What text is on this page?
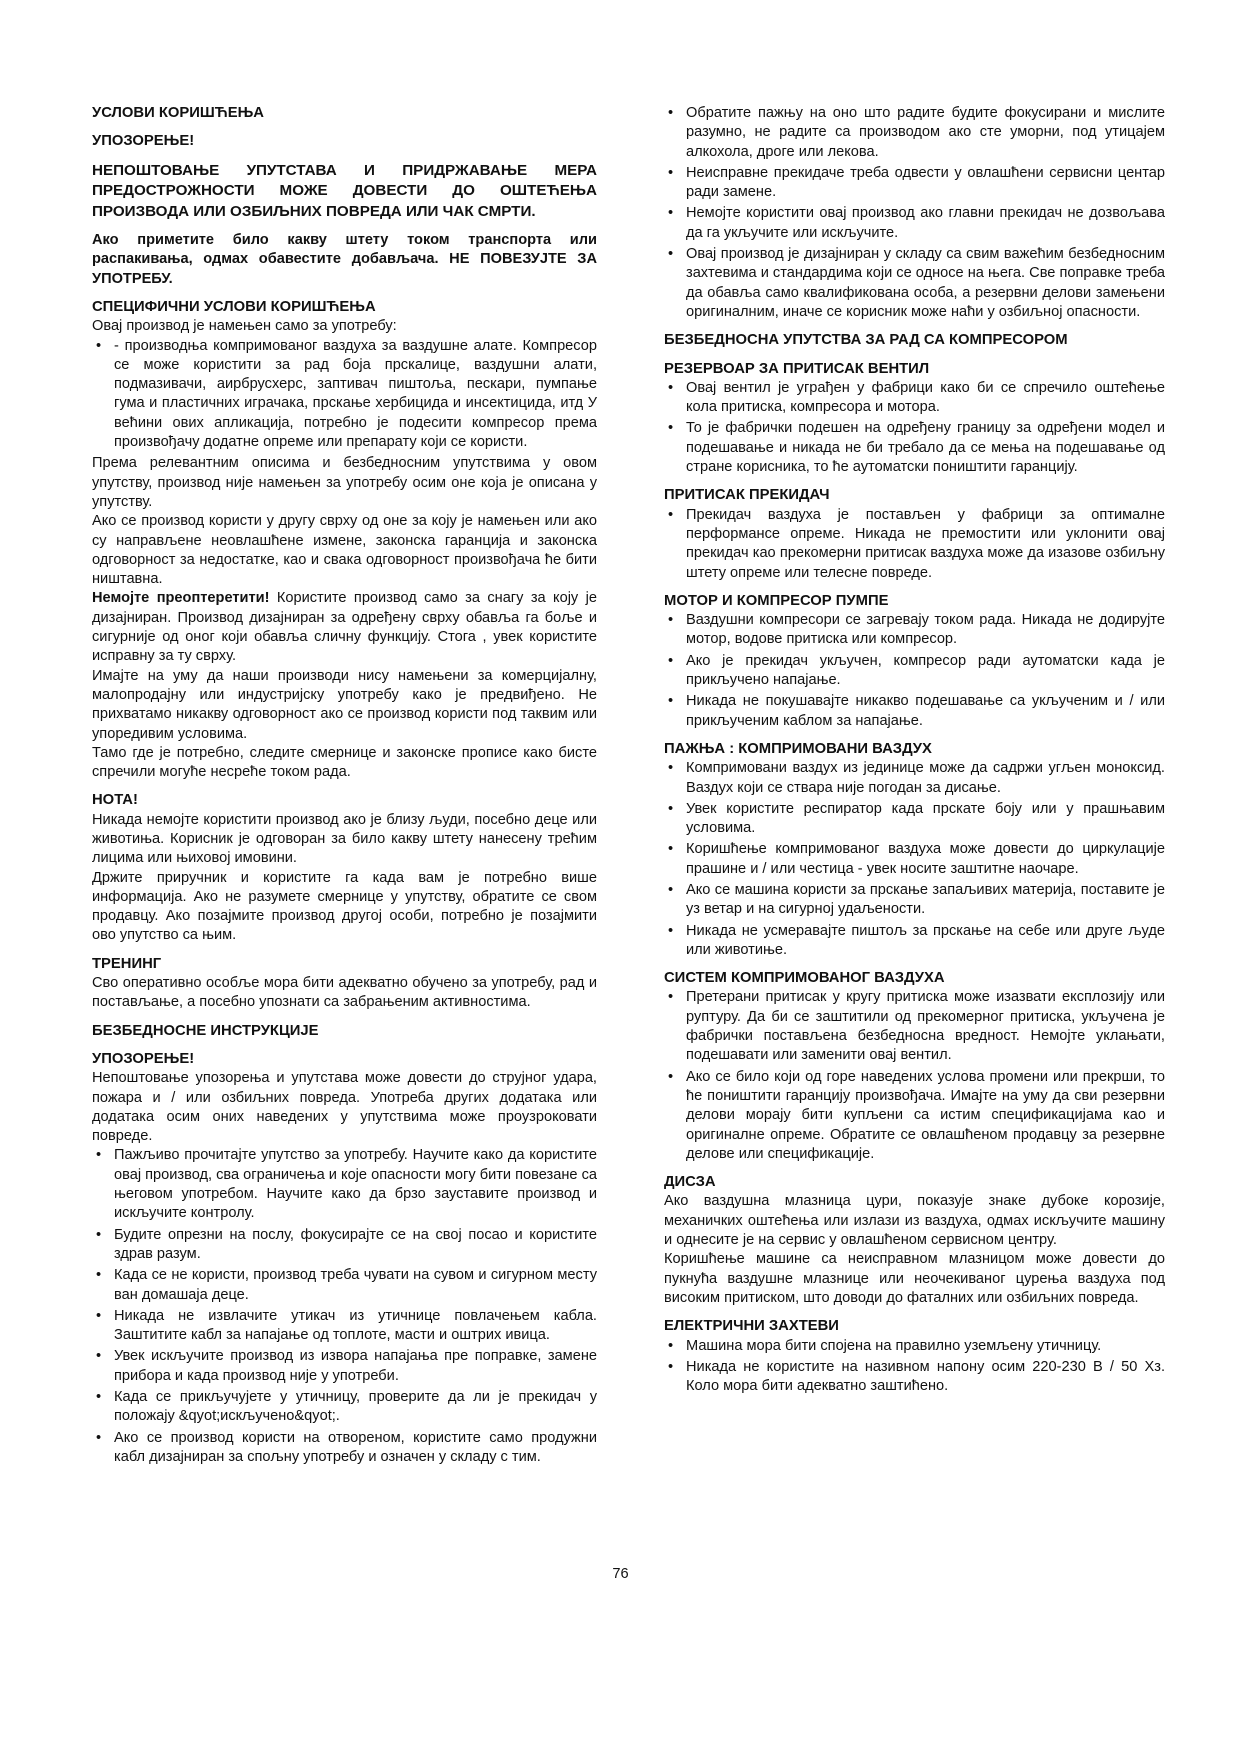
УСЛОВИ КОРИШЋЕЊА
УПОЗОРЕЊЕ!
НЕПОШТОВАЊЕ УПУТСТАВА И ПРИДРЖАВАЊЕ МЕРА ПРЕДОСТРОЖНОСТИ МОЖЕ ДОВЕСТИ ДО ОШТЕЋЕЊА ПРОИЗВОДА ИЛИ ОЗБИЉНИХ ПОВРЕДА ИЛИ ЧАК СМРТИ.

Ако приметите било какву штету током транспорта или распакивања, одмах обавестите добављача. НЕ ПОВЕЗУЈТЕ ЗА УПОТРЕБУ.

СПЕЦИФИЧНИ УСЛОВИ КОРИШЋЕЊА

Овај производ је намењен само за употребу:

• - производња компримованог ваздуха за ваздушне алате. Компресор се може користити за рад боја прскалице, ваздушни алати, подмазивачи, аирбрусхерс, заптивач пиштоља, пескари, пумпање гума и пластичних играчака, прскање хербицида и инсектицида, итд У већини ових апликација, потребно је подесити компресор према произвођачу додатне опреме или препарату који се користи.

Према релевантним описима и безбедносним упутствима у овом упутству, производ није намењен за употребу осим оне која је описана у упутству.

Ако се производ користи у другу сврху од оне за коју је намењен или ако су направљене неовлашћене измене, законска гаранција и законска одговорност за недостатке, као и свака одговорност произвођача ће бити ништавна.

Немојте преоптеретити! Користите производ само за снагу за коју је дизајниран. Производ дизајниран за одређену сврху обавља га боље и сигурније од оног који обавља сличну функцију. Стога , увек користите исправну за ту сврху.

Имајте на уму да наши производи нису намењени за комерцијалну, малопродајну или индустријску употребу како је предвиђено. Не прихватамо никакву одговорност ако се производ користи под таквим или упоредивим условима.

Тамо где је потребно, следите смернице и законске прописе како бисте спречили могуће несреће током рада.

НОТА!

Никада немојте користити производ ако је близу људи, посебно деце или животиња. Корисник је одговоран за било какву штету нанесену трећим лицима или њиховој имовини.

Држите приручник и користите га када вам је потребно више информација. Ако не разумете смернице у упутству, обратите се свом продавцу. Ако позајмите производ другој особи, потребно је позајмити ово упутство са њим.

ТРЕНИНГ

Сво оперативно особље мора бити адекватно обучено за употребу, рад и постављање, а посебно упознати са забрањеним активностима.

БЕЗБЕДНОСНЕ ИНСТРУКЦИЈЕ
УПОЗОРЕЊЕ!

Непоштовање упозорења и упутстава може довести до струјног удара, пожара и / или озбиљних повреда. Употреба других додатака или додатака осим оних наведених у упутствима може проузроковати повреде.

• Пажљиво прочитајте упутство за употребу. Научите како да користите овај производ, сва ограничења и које опасности могу бити повезане са његовом употребом. Научите како да брзо зауставите производ и искључите контролу.
• Будите опрезни на послу, фокусирајте се на свој посао и користите здрав разум.
• Када се не користи, производ треба чувати на сувом и сигурном месту ван домашаја деце.
• Никада не извлачите утикач из утичнице повлачењем кабла. Заштитите кабл за напајање од топлоте, масти и оштрих ивица.
• Увек искључите производ из извора напајања пре поправке, замене прибора и када производ није у употреби.
• Када се прикључујете у утичницу, проверите да ли је прекидач у положају &qyot;искључено&qyot;.
• Ако се производ користи на отвореном, користите само продужни кабл дизајниран за спољну употребу и означен у складу с тим.
• Обратите пажњу на оно што радите будите фокусирани и мислите разумно, не радите са производом ако сте уморни, под утицајем алкохола, дроге или лекова.
• Неисправне прекидаче треба одвести у овлашћени сервисни центар ради замене.
• Немојте користити овај производ ако главни прекидач не дозвољава да га укључите или искључите.
• Овај производ је дизајниран у складу са свим важећим безбедносним захтевима и стандардима који се односе на њега. Све поправке треба да обавља само квалификована особа, а резервни делови замењени оригиналним, иначе се корисник може наћи у озбиљној опасности.
БЕЗБЕДНОСНА УПУТСТВА ЗА РАД СА КОМПРЕСОРОМ
РЕЗЕРВОАР ЗА ПРИТИСАК ВЕНТИЛ
• Овај вентил је уграђен у фабрици како би се спречило оштећење кола притиска, компресора и мотора.
• То је фабрички подешен на одређену границу за одређени модел и подешавање и никада не би требало да се мења на подешавање од стране корисника, то ће аутоматски поништити гаранцију.
ПРИТИСАК ПРЕКИДАЧ
• Прекидач ваздуха је постављен у фабрици за оптималне перформансе опреме. Никада не премостити или уклонити овај прекидач као прекомерни притисак ваздуха може да изазове озбиљну штету опреме или телесне повреде.
МОТОР И КОМПРЕСОР ПУМПЕ
• Ваздушни компресори се загревају током рада. Никада не додирујте мотор, водове притиска или компресор.
• Ако је прекидач укључен, компресор ради аутоматски када је прикључено напајање.
• Никада не покушавајте никакво подешавање са укљученим и / или прикљученим каблом за напајање.
ПАЖЊА : КОМПРИМОВАНИ ВАЗДУХ
• Компримовани ваздух из јединице може да садржи угљен моноксид. Ваздух који се ствара није погодан за дисање.
• Увек користите респиратор када прскате боју или у прашњавим условима.
• Коришћење компримованог ваздуха може довести до циркулације прашине и / или честица - увек носите заштитне наочаре.
• Ако се машина користи за прскање запаљивих материја, поставите је уз ветар и на сигурној удаљености.
• Никада не усмеравајте пиштољ за прскање на себе или друге људе или животиње.
СИСТЕМ КОМПРИМОВАНОГ ВАЗДУХА
• Претерани притисак у кругу притиска може изазвати експлозију или руптуру. Да би се заштитили од прекомерног притиска, укључена је фабрички постављена безбедносна вредност. Немојте уклањати, подешавати или заменити овај вентил.
• Ако се било који од горе наведених услова промени или прекрши, то ће поништити гаранцију произвођача. Имајте на уму да сви резервни делови морају бити купљени са истим спецификацијама као и оригиналне опреме. Обратите се овлашћеном продавцу за резервне делове или спецификације.
ДИСЗА

Ако ваздушна млазница цури, показује знаке дубоке корозије, механичких оштећења или излази из ваздуха, одмах искључите машину и однесите је на сервис у овлашћеном сервисном центру.

Коришћење машине са неисправном млазницом може довести до пукнућа ваздушне млазнице или неочекиваног цурења ваздуха под високим притиском, што доводи до фаталних или озбиљних повреда.

ЕЛЕКТРИЧНИ ЗАХТЕВИ
• Машина мора бити спојена на правилно уземљену утичницу.
• Никада не користите на називном напону осим 220-230 В / 50 Хз. Коло мора бити адекватно заштићено.
76
